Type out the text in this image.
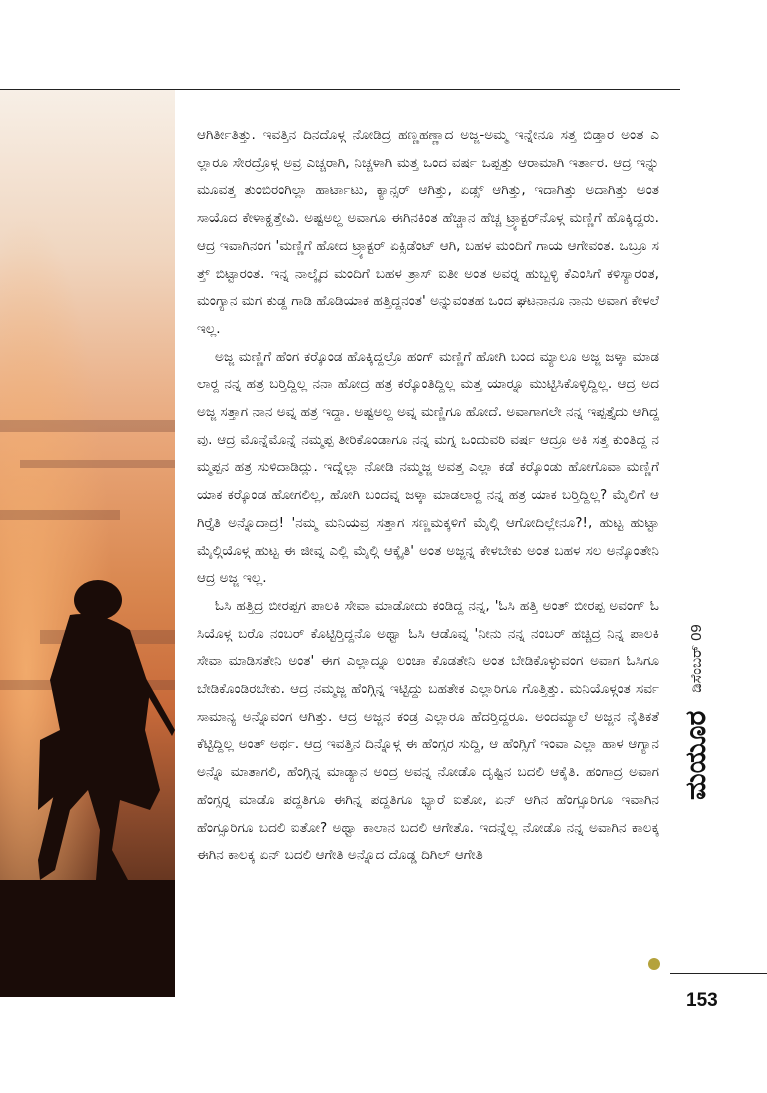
ಆಗಿರ್ತೀತಿತ್ತು. ಇವತ್ತಿನ ದಿನದೊಳ್ಗ ನೋಡಿದ್ರ ಹಣ್ಣಹಣ್ಣಾದ ಅಜ್ಜ-ಅಮ್ಮ ಇನ್ನೇನೂ ಸತ್ತ ಬಿಡ್ತಾರ ಅಂತ ಎಲ್ಲಾರೂ ಸೇರದ್ರೊಳ್ಗ ಅವ್ರ ಎಚ್ಚರಾಗಿ, ನಿಚ್ಚಳಾಗಿ ಮತ್ತ ಒಂದ ವರ್ಷ ಒಪ್ಪತ್ತು ಆರಾಮಾಗಿ ಇರ್ತಾರ. ಆದ್ರ ಇನ್ನು ಮೂವತ್ತ ತುಂಬಿರಂಗಿಲ್ಲಾ ಹಾರ್ಟಾಟು, ಕ್ಯಾನ್ಸರ್ ಆಗಿತ್ತು, ಏಡ್ಸ್ ಆಗಿತ್ತು, ಇದಾಗಿತ್ತು ಅದಾಗಿತ್ತು ಅಂತ ಸಾಯೊದ ಕೇಳಾಕ್ಹತ್ತೇವಿ. ಅಷ್ಟಅಲ್ದ ಅವಾಗೂ ಈಗಿನಕಿಂತ ಹೆಚ್ಚಾನ ಹೆಚ್ಚ ಟ್ರ್ಯಾಕ್ಟರ್‌ನೊಳ್ಗ ಮಣ್ಣಿಗೆ ಹೊಕ್ಕಿದ್ದರು. ಆದ್ರ ಇವಾಗಿನಂಗ 'ಮಣ್ಣಿಗೆ ಹೋದ ಟ್ರ್ಯಾಕ್ಟರ್ ಏಕ್ಸಿಡೆಂಟ್ ಆಗಿ, ಬಹಳ ಮಂದಿಗೆ ಗಾಯ ಆಗೇವಂತ. ಒಬ್ರೂ ಸತ್ತ್ ಬಿಟ್ಟಾರಂತ. ಇನ್ನ ನಾಲ್ಕೈದ ಮಂದಿಗೆ ಬಹಳ ತ್ರಾಸ್ ಐತೀ ಅಂತ ಅವರ್‍ನ ಹುಬ್ಬಳ್ಳಿ ಕೆಎಂಸಿಗೆ ಕಳಿಸ್ಯಾರಂತ, ಮಂಗ್ಯಾನ ಮಗ ಕುಡ್ದ ಗಾಡಿ ಹೊಡಿಯಾಕ ಹತ್ತಿದ್ದನಂತ' ಅನ್ನುವಂತಹ ಒಂದ ಘಟನಾನೂ ನಾನು ಅವಾಗ ಕೇಳಲೆ ಇಲ್ಲ.

ಅಜ್ಜ ಮಣ್ಣಿಗೆ ಹೆಂಗ ಕರ್‍ಕೊಂಡ ಹೊಕ್ಕಿದ್ದಲ್ರೊ ಹಂಗ್ ಮಣ್ಣಿಗೆ ಹೋಗಿ ಬಂದ ಮ್ಯಾಲೂ ಅಜ್ಜ ಜಳ್ಕಾ ಮಾಡಲಾರ್‍ದ ನನ್ನ ಹತ್ರ ಬರ್‍ತಿದ್ದಿಲ್ಲ ನನಾ ಹೋದ್ರ ಹತ್ರ ಕರ್‍ಕೊಂತಿದ್ದಿಲ್ಲ ಮತ್ತ ಯಾರ್‍ನೂ ಮುಟ್ಟಿಸಿಕೊಳ್ಳಿದ್ದಿಲ್ಲ. ಆದ್ರ ಅದ ಅಜ್ಜ ಸತ್ತಾಗ ನಾನ ಅವ್ನ ಹತ್ರ ಇದ್ದಾ. ಅಷ್ಟಅಲ್ದ ಅವ್ನ ಮಣ್ಣಿಗೂ ಹೋದೆ. ಅವಾಗಾಗಲೇ ನನ್ನ ಇಪ್ಪತ್ತೈದು ಆಗಿದ್ದವು. ಆದ್ರ ಮೊನ್ನೆಮೊನ್ನೆ ನಮ್ಮಪ್ಪ ತೀರಿಕೊಂಡಾಗೂ ನನ್ನ ಮಗ್ನ ಒಂದುವರಿ ವರ್ಷ ಆದ್ರೂ ಅಕಿ ಸತ್ತ ಕುಂತಿದ್ದ ನಮ್ಮಪ್ಪನ ಹತ್ರ ಸುಳಿದಾಡಿದ್ಲು. ಇದ್ನೆಲ್ಲಾ ನೋಡಿ ನಮ್ಮಜ್ಜ ಅವತ್ತ ಎಲ್ಲಾ ಕಡೆ ಕರ್‍ಕೊಂಡು ಹೋಗೊವಾ ಮಣ್ಣಿಗೆ ಯಾಕ ಕರ್‍ಕೊಂಡ ಹೋಗಲಿಲ್ಲ, ಹೋಗಿ ಬಂದವ್ನ ಜಳ್ಕಾ ಮಾಡಲಾರ್‍ದ ನನ್ನ ಹತ್ರ ಯಾಕ ಬರ್‍ತಿದ್ದಿಲ್ಲ? ಮೈಲಿಗೆ ಆಗಿರ್‍ತೈತಿ ಅನ್ನೊದಾದ್ರ! 'ನಮ್ಮ ಮನಿಯವ್ರ ಸತ್ತಾಗ ಸಣ್ಣಮಕ್ಕಳಿಗೆ ಮೈಲ್ಗಿ ಆಗೋದಿಲ್ಲೇನೂ?!, ಹುಟ್ಟ ಹುಟ್ಟಾ ಮೈಲ್ಗಿಯೊಳ್ಗ ಹುಟ್ಟ ಈ ಜೀವ್ನ ಎಲ್ಲಿ ಮೈಲ್ಗಿ ಆಕ್ಕೈತಿ' ಅಂತ ಅಜ್ಜನ್ನ ಕೇಳಬೇಕು ಅಂತ ಬಹಳ ಸಲ ಅನ್ಕೊಂತೇನಿ ಆದ್ರ ಅಜ್ಜ ಇಲ್ಲ.

ಓಸಿ ಹತ್ತಿದ್ರ ಬೀರಪ್ಪಗ ಪಾಲಕಿ ಸೇವಾ ಮಾಡೋದು ಕಂಡಿದ್ದ ನನ್ನ, 'ಓಸಿ ಹತ್ತಿ ಅಂತ್ ಬೀರಪ್ಪ ಅವಂಗ್ ಓಸಿಯೊಳ್ಗ ಬರೊ ನಂಬರ್ ಕೊಟ್ಟಿರ್‍ತಿದ್ದನೊ ಅಥ್ವಾ ಓಸಿ ಆಡೊವ್ನ 'ನೀನು ನನ್ನ ನಂಬರ್ ಹಚ್ಚಿದ್ರ ನಿನ್ನ ಪಾಲಕಿ ಸೇವಾ ಮಾಡಿಸತೇನಿ ಅಂತ' ಈಗ ಎಲ್ಲಾದ್ನೂ ಲಂಚಾ ಕೊಡತೇನಿ ಅಂತ ಬೇಡಿಕೊಳ್ಳುವಂಗ ಅವಾಗ ಓಸಿಗೂ ಬೇಡಿಕೊಂಡಿರಬೇಕು. ಆದ್ರ ನಮ್ಮಜ್ಜ ಹೆಂಗ್ಗಿನ್ನ ಇಟ್ಟಿದ್ದು ಬಹತೇಕ ಎಲ್ಲಾರಿಗೂ ಗೊತ್ತಿತ್ತು. ಮನಿಯೊಳ್ಗಂತ ಸರ್ವಸಾಮಾನ್ಯ ಅನ್ನೊವಂಗ ಆಗಿತ್ತು. ಆದ್ರ ಅಜ್ಜನ ಕಂಡ್ರ ಎಲ್ಲಾರೂ ಹೆದರ್‍ತಿದ್ದರೂ. ಅಂದಮ್ಯಾಲೆ ಅಜ್ಜನ ನೈತಿಕತೆ ಕೆಟ್ಟಿದ್ದಿಲ್ಲ ಅಂತ್ ಅರ್ಥ. ಆದ್ರ ಇವತ್ತಿನ ದಿನ್ನೊಳ್ಗ ಈ ಹೆಂಗ್ಸರ ಸುದ್ದಿ, ಆ ಹೆಂಗ್ಸಿಗೆ ಇಂವಾ ಎಲ್ಲಾ ಹಾಳ ಆಗ್ಯಾನ ಅನ್ನೊ ಮಾತಾಗಲಿ, ಹೆಂಗ್ಗಿನ್ನ ಮಾಡ್ಯಾನ ಅಂದ್ರ ಅವನ್ನ ನೋಡೊ ದೃಷ್ಟಿನ ಬದಲಿ ಆಕೈತಿ. ಹಂಗಾದ್ರ ಅವಾಗ ಹೆಂಗ್ಸರ್‍ನ ಮಾಡೊ ಪದ್ದತಿಗೂ ಈಗಿನ್ನ ಪದ್ದತಿಗೂ ಭ್ಯಾರೆ ಐತೋ, ಏನ್ ಆಗಿನ ಹೆಂಗ್ಸೂರಿಗೂ ಇವಾಗಿನ ಹೆಂಗ್ಸೂರಿಗೂ ಬದಲಿ ಐತೋ? ಅಥ್ವಾ ಕಾಲಾನ ಬದಲಿ ಆಗೇತೊ. ಇದನ್ನೆಲ್ಲ ನೋಡೊ ನನ್ನ ಅವಾಗಿನ ಕಾಲಕ್ಕ ಈಗಿನ ಕಾಲಕ್ಕ ಏನ್ ಬದಲಿ ಆಗೇತಿ ಅನ್ನೊದ ದೊಡ್ಡ ದಿಗಿಲ್ ಆಗೇತಿ

ಮಯೂರ
ಡಿಸೆಂಬರ್ 09
153
